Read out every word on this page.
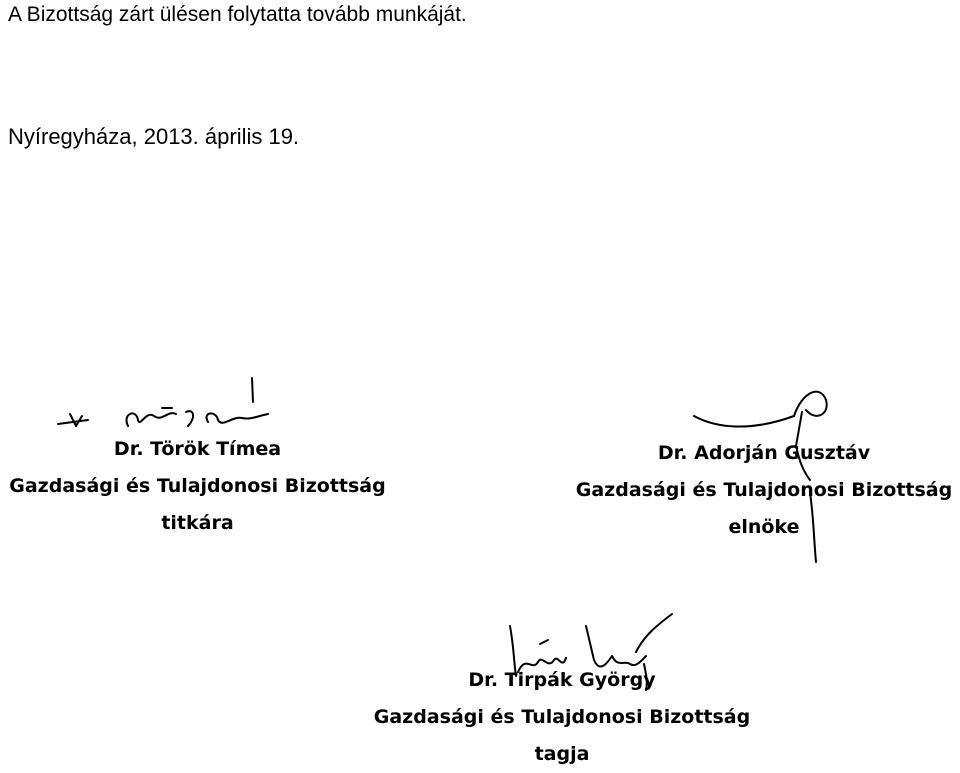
A Bizottság zárt ülésen folytatta tovább munkáját.
Nyíregyháza, 2013. április 19.
Dr. Török Tímea
Gazdasági és Tulajdonosi Bizottság
titkára
Dr. Adorján Gusztáv
Gazdasági és Tulajdonosi Bizottság
elnöke
Dr. Tirpák György
Gazdasági és Tulajdonosi Bizottság
tagja
